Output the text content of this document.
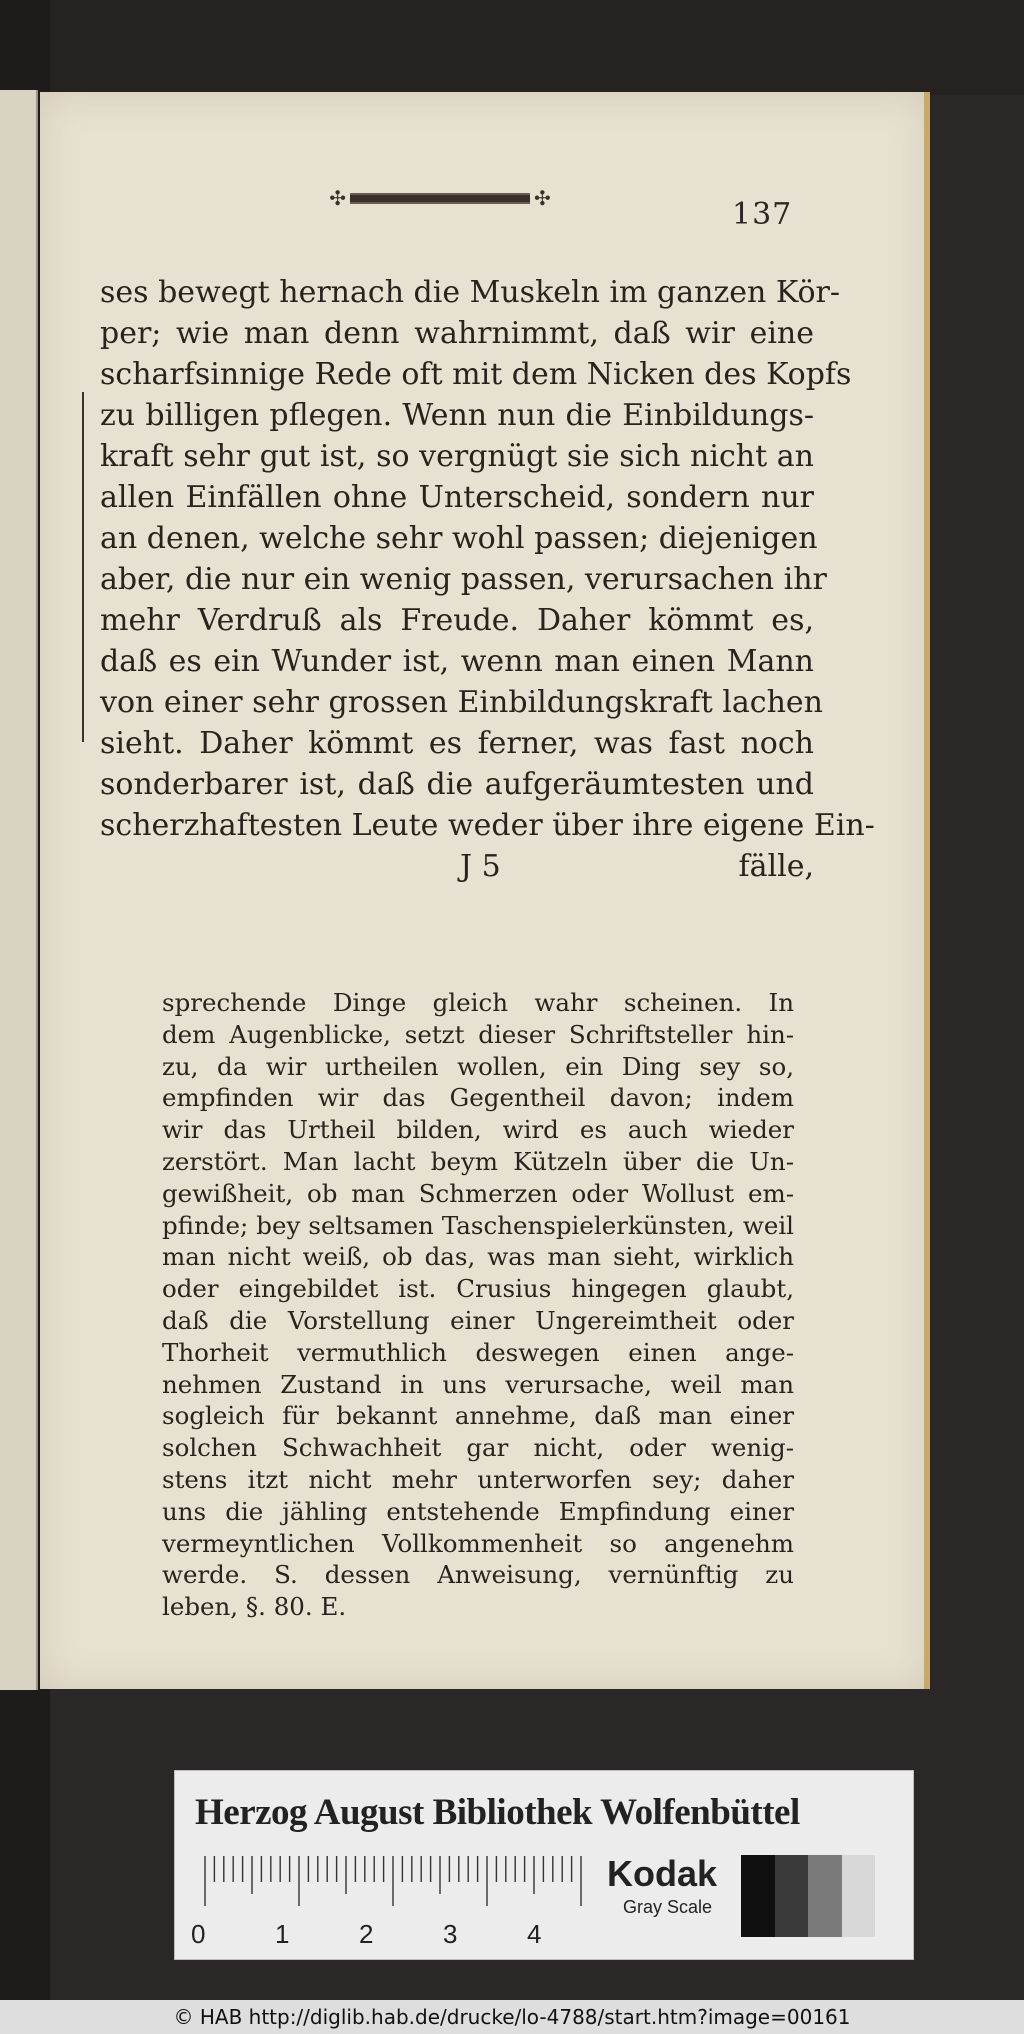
✣	✣	137
ses bewegt hernach die Muskeln im ganzen Kör-
per; wie man denn wahrnimmt, daß wir eine
scharfsinnige Rede oft mit dem Nicken des Kopfs
zu billigen pflegen. Wenn nun die Einbildungs-
kraft sehr gut ist, so vergnügt sie sich nicht an
allen Einfällen ohne Unterscheid, sondern nur
an denen, welche sehr wohl passen; diejenigen
aber, die nur ein wenig passen, verursachen ihr
mehr Verdruß als Freude. Daher kömmt es,
daß es ein Wunder ist, wenn man einen Mann
von einer sehr grossen Einbildungskraft lachen
sieht. Daher kömmt es ferner, was fast noch
sonderbarer ist, daß die aufgeräumtesten und
scherzhaftesten Leute weder über ihre eigene Ein-
J 5	fälle,
sprechende Dinge gleich wahr scheinen. In
dem Augenblicke, setzt dieser Schriftsteller hin-
zu, da wir urtheilen wollen, ein Ding sey so,
empfinden wir das Gegentheil davon; indem
wir das Urtheil bilden, wird es auch wieder
zerstört. Man lacht beym Kützeln über die Un-
gewißheit, ob man Schmerzen oder Wollust em-
pfinde; bey seltsamen Taschenspielerkünsten, weil
man nicht weiß, ob das, was man sieht, wirklich
oder eingebildet ist. Crusius hingegen glaubt,
daß die Vorstellung einer Ungereimtheit oder
Thorheit vermuthlich deswegen einen ange-
nehmen Zustand in uns verursache, weil man
sogleich für bekannt annehme, daß man einer
solchen Schwachheit gar nicht, oder wenig-
stens itzt nicht mehr unterworfen sey; daher
uns die jähling entstehende Empfindung einer
vermeyntlichen Vollkommenheit so angenehm
werde. S. dessen Anweisung, vernünftig zu
leben, §. 80. E.
Herzog August Bibliothek Wolfenbüttel
0	1	2	3	4
Kodak
Gray Scale
© HAB http://diglib.hab.de/drucke/lo-4788/start.htm?image=00161
